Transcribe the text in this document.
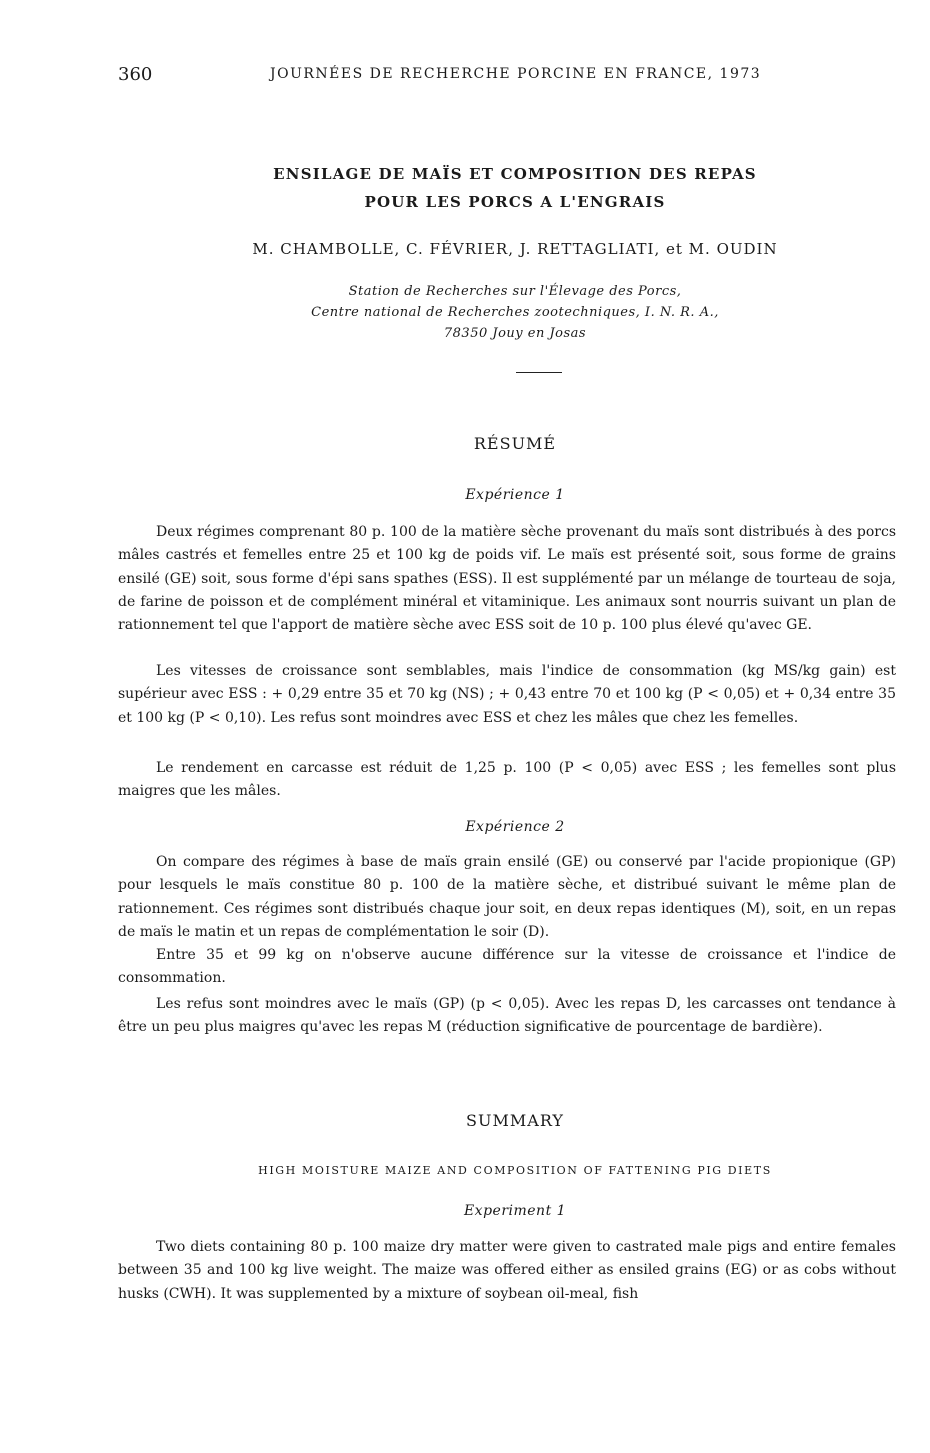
360	JOURNÉES DE RECHERCHE PORCINE EN FRANCE, 1973
ENSILAGE DE MAÏS ET COMPOSITION DES REPAS
POUR LES PORCS A L'ENGRAIS
M. CHAMBOLLE, C. FÉVRIER, J. RETTAGLIATI, et M. OUDIN
Station de Recherches sur l'Élevage des Porcs,
Centre national de Recherches zootechniques, I. N. R. A.,
78350 Jouy en Josas
RÉSUMÉ
Expérience 1

Deux régimes comprenant 80 p. 100 de la matière sèche provenant du maïs sont distribués à des porcs mâles castrés et femelles entre 25 et 100 kg de poids vif. Le maïs est présenté soit, sous forme de grains ensilé (GE) soit, sous forme d'épi sans spathes (ESS). Il est supplémenté par un mélange de tourteau de soja, de farine de poisson et de complément minéral et vitaminique. Les animaux sont nourris suivant un plan de rationnement tel que l'apport de matière sèche avec ESS soit de 10 p. 100 plus élevé qu'avec GE.

Les vitesses de croissance sont semblables, mais l'indice de consommation (kg MS/kg gain) est supérieur avec ESS : + 0,29 entre 35 et 70 kg (NS) ; + 0,43 entre 70 et 100 kg (P < 0,05) et + 0,34 entre 35 et 100 kg (P < 0,10). Les refus sont moindres avec ESS et chez les mâles que chez les femelles.

Le rendement en carcasse est réduit de 1,25 p. 100 (P < 0,05) avec ESS ; les femelles sont plus maigres que les mâles.

Expérience 2

On compare des régimes à base de maïs grain ensilé (GE) ou conservé par l'acide propionique (GP) pour lesquels le maïs constitue 80 p. 100 de la matière sèche, et distribué suivant le même plan de rationnement. Ces régimes sont distribués chaque jour soit, en deux repas identiques (M), soit, en un repas de maïs le matin et un repas de complémentation le soir (D).

Entre 35 et 99 kg on n'observe aucune différence sur la vitesse de croissance et l'indice de consommation.

Les refus sont moindres avec le maïs (GP) (p < 0,05). Avec les repas D, les carcasses ont tendance à être un peu plus maigres qu'avec les repas M (réduction significative de pourcentage de bardière).

SUMMARY
HIGH MOISTURE MAIZE AND COMPOSITION OF FATTENING PIG DIETS
Experiment 1

Two diets containing 80 p. 100 maize dry matter were given to castrated male pigs and entire females between 35 and 100 kg live weight. The maize was offered either as ensiled grains (EG) or as cobs without husks (CWH). It was supplemented by a mixture of soybean oil-meal, fish
